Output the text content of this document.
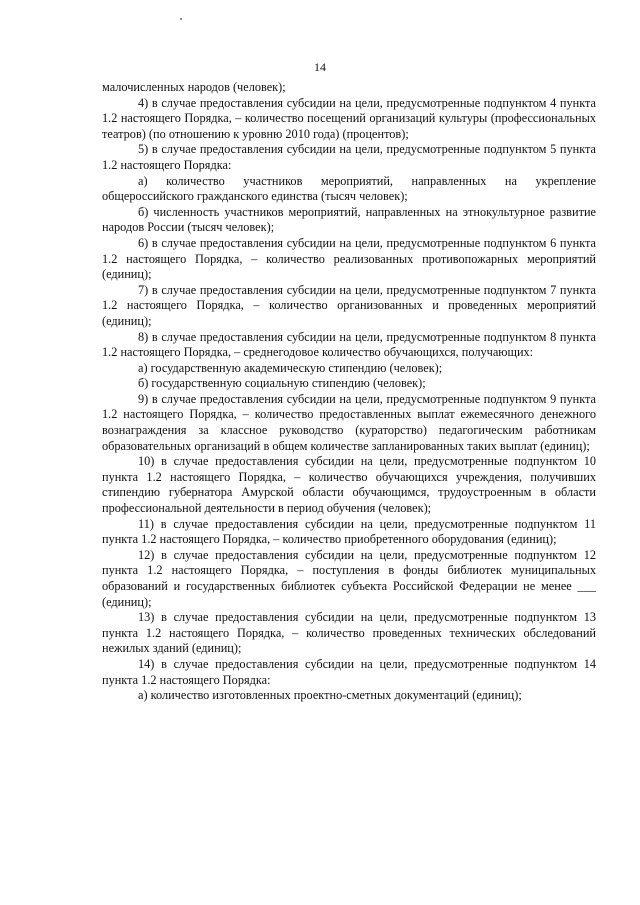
14

малочисленных народов (человек);

4) в случае предоставления субсидии на цели, предусмотренные подпунктом 4 пункта 1.2 настоящего Порядка, – количество посещений организаций культуры (профессиональных театров) (по отношению к уровню 2010 года) (процентов);

5) в случае предоставления субсидии на цели, предусмотренные подпунктом 5 пункта 1.2 настоящего Порядка:

а) количество участников мероприятий, направленных на укрепление общероссийского гражданского единства (тысяч человек);

б) численность участников мероприятий, направленных на этнокультурное развитие народов России (тысяч человек);

6) в случае предоставления субсидии на цели, предусмотренные подпунктом 6 пункта 1.2 настоящего Порядка, – количество реализованных противопожарных мероприятий (единиц);

7) в случае предоставления субсидии на цели, предусмотренные подпунктом 7 пункта 1.2 настоящего Порядка, – количество организованных и проведенных мероприятий (единиц);

8) в случае предоставления субсидии на цели, предусмотренные подпунктом 8 пункта 1.2 настоящего Порядка, – среднегодовое количество обучающихся, получающих:

а) государственную академическую стипендию (человек);

б) государственную социальную стипендию (человек);

9) в случае предоставления субсидии на цели, предусмотренные подпунктом 9 пункта 1.2 настоящего Порядка, – количество предоставленных выплат ежемесячного денежного вознаграждения за классное руководство (кураторство) педагогическим работникам образовательных организаций в общем количестве запланированных таких выплат (единиц);

10) в случае предоставления субсидии на цели, предусмотренные подпунктом 10 пункта 1.2 настоящего Порядка, – количество обучающихся учреждения, получивших стипендию губернатора Амурской области обучающимся, трудоустроенным в области профессиональной деятельности в период обучения (человек);

11) в случае предоставления субсидии на цели, предусмотренные подпунктом 11 пункта 1.2 настоящего Порядка, – количество приобретенного оборудования (единиц);

12) в случае предоставления субсидии на цели, предусмотренные подпунктом 12 пункта 1.2 настоящего Порядка, – поступления в фонды библиотек муниципальных образований и государственных библиотек субъекта Российской Федерации не менее ___ (единиц);

13) в случае предоставления субсидии на цели, предусмотренные подпунктом 13 пункта 1.2 настоящего Порядка, – количество проведенных технических обследований нежилых зданий (единиц);

14) в случае предоставления субсидии на цели, предусмотренные подпунктом 14 пункта 1.2 настоящего Порядка:

а) количество изготовленных проектно-сметных документаций (единиц);
